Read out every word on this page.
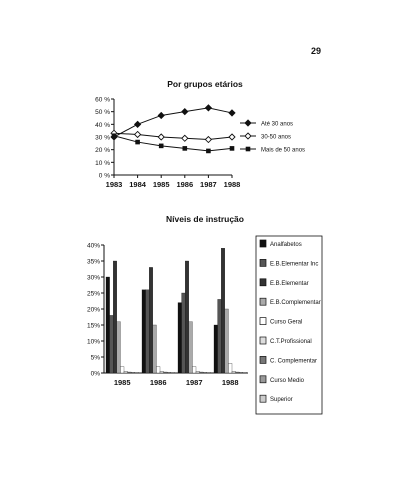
29
Por grupos etários
Níveis de instrução
0 %
10 %
20 %
30 %
40 %
50 %
60 %
1983 1984 1985 1986 1987 1988
Até 30 anos
30-50 anos
Mais de 50 anos
0%
5%
10%
15%
20%
25%
30%
35%
40%
1985	1986	1987	1988
Analfabetos
E.B.Elementar Inc
E.B.Elementar
E.B.Complementar
Curso Geral
C.T.Profissional
C. Complementar
Curso Medio
Superior
